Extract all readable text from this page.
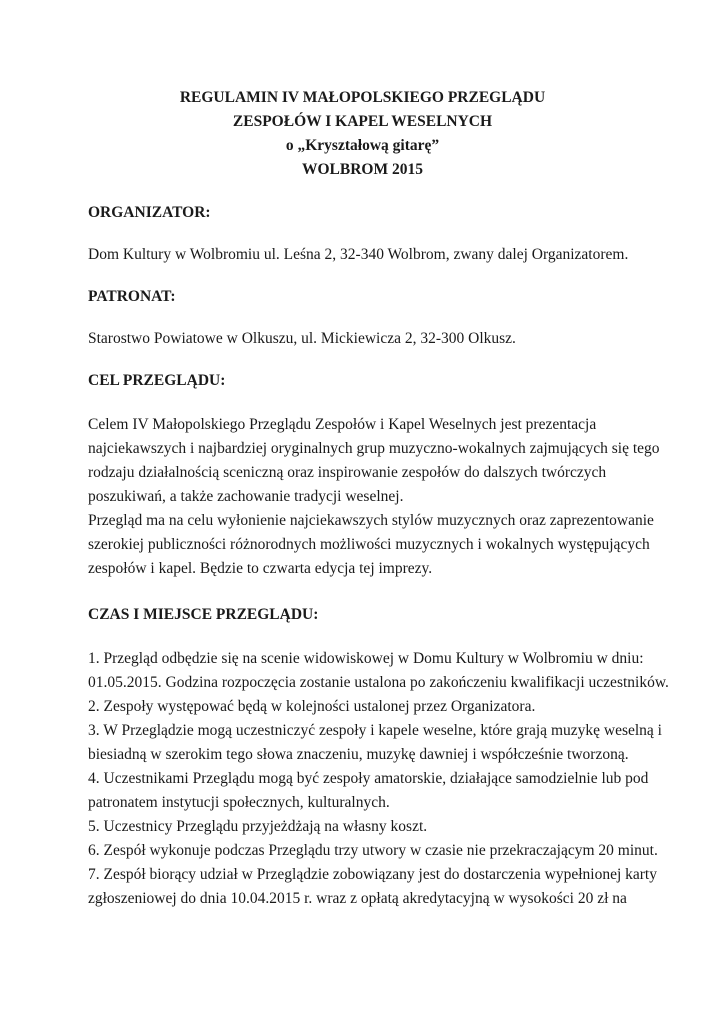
REGULAMIN IV MAŁOPOLSKIEGO PRZEGLĄDU
ZESPOŁÓW I KAPEL WESELNYCH
o „Kryształową gitarę”
WOLBROM 2015
ORGANIZATOR:
Dom Kultury w Wolbromiu ul. Leśna 2, 32-340 Wolbrom, zwany dalej Organizatorem.
PATRONAT:
Starostwo Powiatowe w Olkuszu, ul. Mickiewicza 2, 32-300 Olkusz.
CEL PRZEGLĄDU:
Celem IV Małopolskiego Przeglądu Zespołów i Kapel Weselnych jest prezentacja
najciekawszych i najbardziej oryginalnych grup muzyczno-wokalnych zajmujących się tego
rodzaju działalnością sceniczną oraz inspirowanie zespołów do dalszych twórczych
poszukiwań, a także zachowanie tradycji weselnej.
Przegląd ma na celu wyłonienie najciekawszych stylów muzycznych oraz zaprezentowanie
szerokiej publiczności różnorodnych możliwości muzycznych i wokalnych występujących
zespołów i kapel. Będzie to czwarta edycja tej imprezy.
CZAS I MIEJSCE PRZEGLĄDU:
1. Przegląd odbędzie się na scenie widowiskowej w Domu Kultury w Wolbromiu w dniu:
01.05.2015. Godzina rozpoczęcia zostanie ustalona po zakończeniu kwalifikacji uczestników.
2. Zespoły występować będą w kolejności ustalonej przez Organizatora.
3. W Przeglądzie mogą uczestniczyć zespoły i kapele weselne, które grają muzykę weselną i
biesiadną w szerokim tego słowa znaczeniu, muzykę dawniej i współcześnie tworzoną.
4. Uczestnikami Przeglądu mogą być zespoły amatorskie, działające samodzielnie lub pod
patronatem instytucji społecznych, kulturalnych.
5. Uczestnicy Przeglądu przyjeżdżają na własny koszt.
6. Zespół wykonuje podczas Przeglądu trzy utwory w czasie nie przekraczającym 20 minut.
7. Zespół biorący udział w Przeglądzie zobowiązany jest do dostarczenia wypełnionej karty
zgłoszeniowej do dnia 10.04.2015 r. wraz z opłatą akredytacyjną w wysokości 20 zł na
